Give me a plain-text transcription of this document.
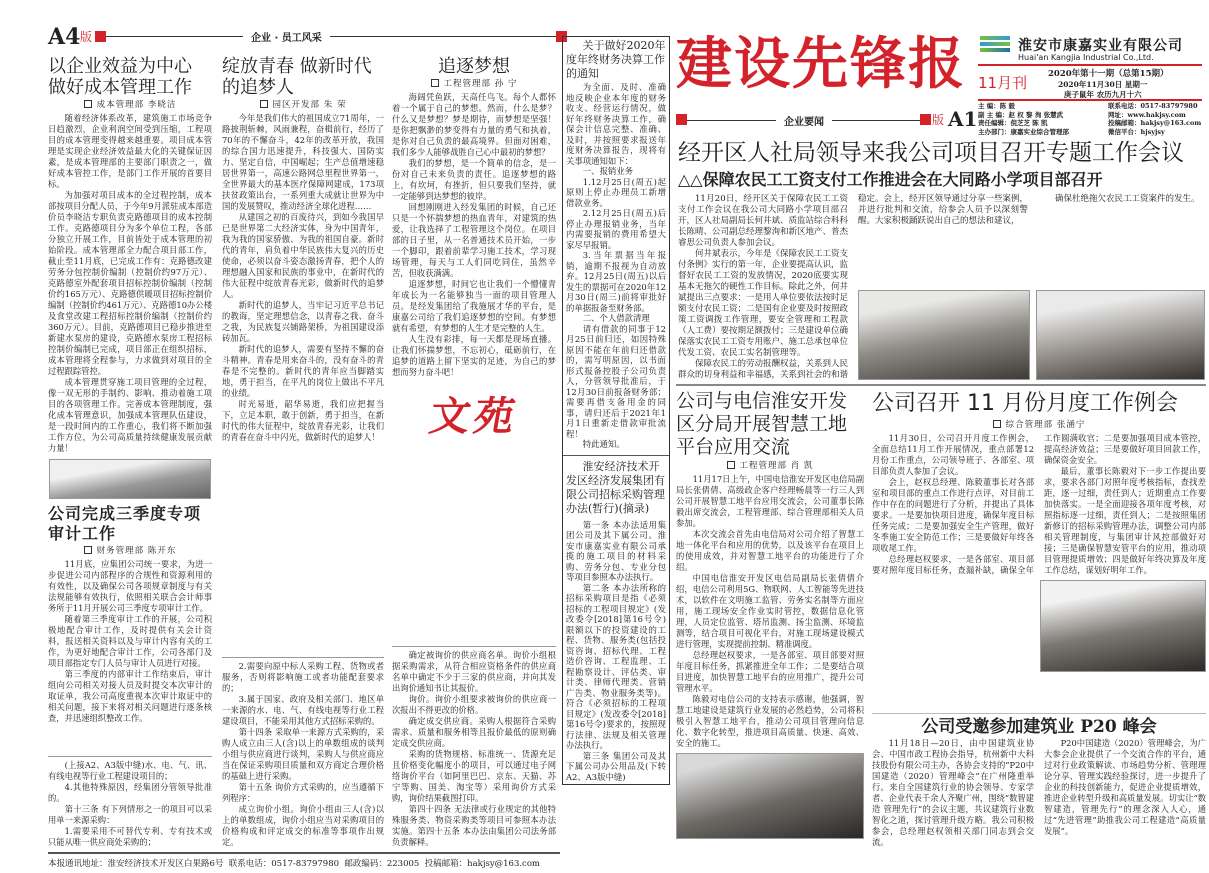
A4 版	企业 · 员工风采
以企业效益为中心 做好成本管理工作
成本管理部 李晓洁

随着经济体系改革，建筑施工市场竞争日趋激烈，企业利润空间受到压缩，工程项目的成本管理变得越来越重要。项目成本管理是实现企业经济效益最大化的关键保证因素，是成本管理部的主要部门职责之一，做好成本管控工作，是部门工作开展的首要目标。

为加强对项目成本的全过程控制，成本部按项目分配人员，于今年9月派驻成本部造价员李晓洁专职负责克路德项目的成本控制工作。克路德项目分为多个单位工程，各部分独立开展工作，目前皆处于成本管理的初始阶段。成本管理部全力配合项目部工作，截止至11月底，已完成工作有：克路德改建劳务分包控制价编制（控制价约97万元）、克路德室外配套项目招标控制价编制（控制价约165万元）、克路德供暖项目招标控制价编制（控制价约461万元）、克路德10办公楼及食堂改建工程招标控制价编制（控制价约360万元）。目前，克路德项目已稳步推进至新建水泵房的建设，克路德水泵房工程招标控制价编制已完成，项目部正在组织招标，成本管理将全程参与，力求做到对项目的全过程跟踪管控。

成本管理贯穿施工项目管理的全过程，像一双无形的手制约、影响、推动着施工项目的各项管理工作。完善成本管理制度，强化成本管理意识，加强成本管理队伍建设，是一段时间内的工作重心，我们将不断加强工作方位，为公司高质量持续健康发展贡献力量！

公司完成三季度专项审计工作
财务管理部 陈开东

11月底，应集团公司统一要求，为进一步促进公司内部程序的合规性和资源利用的有效性，以及确保公司各项规章制度与有关法规能够有效执行，依照相关联合会计师事务所于11月开展公司三季度专项审计工作。

随着第三季度审计工作的开展，公司积极地配合审计工作，及时提供有关会计资料，报送相关资料以及与审计内容有关的工作，为更好地配合审计工作，公司各部门及项目部指定专门人员与审计人员进行对接。

第三季度的内部审计工作结束后，审计组向公司相关对接人员及时提交本次审计的取证单，我公司高度重视本次审计取证中的相关问题，接下来将对相关问题进行逐条核查，并迅速组织整改工作。

(上接A2、A3版中缝)水、电、气、讯、有线电视等行业工程建设项目的；

4.其他特殊原因，经集团分管领导批准的。

第十三条 有下列情形之一的项目可以采用单一来源采购：

1.需要采用不可替代专利、专有技术或只能从唯一供应商处采购的；

绽放青春 做新时代的追梦人
园区开发部 朱 荣

今年是我们伟大的祖国成立71周年，一路披荆斩棘，风雨兼程，奋楫前行，经历了70年的不懈奋斗，42年的改革开放，我国的综合国力迅速提升，科技强大、国防实力、坚定自信，中国崛起；生产总值增速稳居世界第一，高速公路网总里程世界第一，全世界最大的基本医疗保障网建成，173项扶贫政策出台，一系列重大成就让世界为中国的发展赞叹，推动经济全球化进程……

从建国之初的百废待兴，到如今我国早已是世界第二大经济实体，身为中国青年，我为我的国家骄傲、为我的祖国自豪。新时代的青年，肩负着中华民族伟大复兴的历史使命，必须以奋斗姿态激扬青春，把个人的理想融入国家和民族的事业中，在新时代的伟大征程中绽放青春光彩，做新时代的追梦人。

新时代的追梦人，当牢记习近平总书记的教诲，坚定理想信念，以青春之我、奋斗之我，为民族复兴铺路架桥，为祖国建设添砖加瓦。

新时代的追梦人，需要有坚持不懈的奋斗精神。青春是用来奋斗的，没有奋斗的青春是不完整的。新时代的青年应当脚踏实地，勇于担当，在平凡的岗位上做出不平凡的业绩。

时光易逝，韶华易逝，我们应把握当下，立足本职，敢于创新，勇于担当，在新时代的伟大征程中，绽放青春光彩，让我们的青春在奋斗中闪光，做新时代的追梦人！

2.需要向原中标人采购工程、货物或者服务，否则将影响施工或者功能配套要求的；

3.属于国家、政府及相关部门、地区单一来源的水、电、气、有线电视等行业工程建设项目，不能采用其他方式招标采购的。

第十四条 采取单一来源方式采购的，采购人成立由三人(含)以上的单数组成的谈判小组与供应商进行谈判，采购人与供应商应当在保证采购项目质量和双方商定合理价格的基础上进行采购。

第十五条 询价方式采购的，应当遵循下列程序：

成立询价小组。询价小组由三人(含)以上的单数组成，询价小组应当对采购项目的价格构成和评定成交的标准等事项作出规定。

追逐梦想
工程管理部 孙 宁

海阔凭鱼跃，天高任鸟飞。每个人都怀着一个属于自己的梦想。然而，什么是梦？什么又是梦想？梦是期待，而梦想是坚强！是你把飘渺的梦变得有力量的勇气和执着，是你对自己负责的最高境界。但面对困难，我们多少人能够战胜自己心中最初的梦想？

我们的梦想，是一个简单的信念，是一份对自己未来负责的责任。追逐梦想的路上，有坎坷，有挫折，但只要我们坚持，就一定能够到达梦想的彼岸。

回想刚刚进入经发集团的时候，自己还只是一个怀揣梦想的热血青年，对建筑的热爱，让我选择了工程管理这个岗位。在项目部的日子里，从一名普通技术员开始，一步一个脚印，跟着前辈学习施工技术，学习现场管理，每天与工人们同吃同住，虽然辛苦，但收获满满。

追逐梦想，时间它也让我们一个懵懂青年成长为一名能够独当一面的项目管理人员。是经发集团给了我施展才华的平台，是康嘉公司给了我们追逐梦想的空间。有梦想就有希望，有梦想的人生才是完整的人生。

人生没有彩排，每一天都是现场直播。让我们怀揣梦想，不忘初心，砥砺前行，在追梦的道路上留下坚实的足迹，为自己的梦想而努力奋斗吧！

文苑

确定被询价的供应商名单。询价小组根据采购需求，从符合相应资格条件的供应商名单中确定不少于三家的供应商，并向其发出询价通知书让其报价。

询价。询价小组要求被询价的供应商一次报出不得更改的价格。

确定成交供应商。采购人根据符合采购需求、质量和服务相等且报价最低的原则确定成交供应商。

采购的货物规格、标准统一、货源充足且价格变化幅度小的项目，可以通过电子网络询价平台（如阿里巴巴、京东、天猫、苏宁等购、国美、淘宝等）采用询价方式采购，询价结果截图打印。

第四十四条 无法律或行业规定的其他特殊服务类、物资采购类等项目可参照本办法实施。第四十五条 本办法由集团公司法务部负责解释。

本报通讯地址：淮安经济技术开发区白果路6号 联系电话：0517-83797980 邮政编码：223005 投稿邮箱：hakjsy@163.com
关于做好2020年度年终财务决算工作的通知

为全面、及时、准确地反映企业本年度的财务收支、经营运行情况，做好年终财务决算工作，确保会计信息完整、准确、及时，并按照要求报送年度财务决算报告，现将有关事项通知如下：

一、报销业务

1.12月25日(周五)起原则上停止办理员工新增借款业务。

2.12月25日(周五)后停止办理报销业务，当年内需要报销的费用希望大家尽早报销。

3.当年票据当年报销，逾期不报视为自动放弃。12月25日(周五)以后发生的票据可在2020年12月30日(周三)前将审批好的单据报备至财务部。

二、个人借款清理

请有借款的同事于12月25日前归还，如因特殊原因不能在年前归还借款的，需写明原因，以书面形式报备控股子公司负责人，分管领导批准后，于12月30日前报备财务部；需要再借支备用金的同事，请归还后于2021年1月1日重新走借款审批流程！

特此通知。

淮安经济技术开发区经济发展集团有限公司招标采购管理办法(暂行)(摘录)

第一条 本办法适用集团公司及其下属公司。淮安市康嘉实业有限公司承揽的施工项目的材料采购、劳务分包、专业分包等项目参照本办法执行。

第二条 本办法所称的招标采购项目是指《必须招标的工程项目规定》(发改委令[2018]第16号令)限额以下的投资建设的工程、货物、服务类(包括投资咨询、招标代理、工程造价咨询、工程监理、工程勘察设计、评估类、审计类、律师代理类、营销广告类、物业服务类等)。符合《必须招标的工程项目规定》(发改委令[2018]第16号令)要求的，按照现行法律、法规及相关管理办法执行。

第三条 集团公司及其下属公司办公用品及(下转A2、A3版中缝)

建设先锋报	淮安市康嘉实业有限公司
Huai'an Kangjia Industrial Co.,Ltd.
11月刊 2020年第十一期（总第15期）
2020年11月30日 星期一
庚子鼠年 农历九月十六
主 编：陈 毅
副 主 编：赵 权 黎 洵 张慧武
责任编辑：倪芝芝 陈 凯
主办部门：康嘉实业综合管理部
联系电话：0517-83797980
网址：www.hakjsy.com
投稿邮箱：hakjsy@163.com
微信平台：hjsyjsy
企业要闻	版 A1
经开区人社局领导来我公司项目召开专题工作会议
△△保障农民工工资支付工作推进会在大同路小学项目部召开

11月20日，经开区关于保障农民工工资支付工作会议在我公司大同路小学项目部召开，区人社局副局长何井斌、质监站综合科科长陈晴、公司副总经理黎洵和新区地产、普杰睿思公司负责人参加会议。

何井斌表示，今年是《保障农民工工资支付条例》实行的第一年，企业要提高认识，监督好农民工工资的发放情况，2020底要实现基本无拖欠的硬性工作目标。除此之外，何井斌提出三点要求：一是用人单位要依法按时足额支付农民工资；二是国有企业要及时按照政策工资调拨工作管理，要安全管理和工程款（人工费）要按期足额拨付；三是建设单位确保落实农民工工资专用账户、施工总承包单位代发工资、农民工实名制管理等。

保障农民工的劳动报酬权益，关系到人民群众的切身利益和幸福感，关系到社会的和谐稳定。会上，经开区领导通过分享一些案例，并进行批判和交流，给参会人员予以深刻警醒。大家积极踊跃说出自己的想法和建议，

确保杜绝拖欠农民工工资案件的发生。

公司与电信淮安开发区分局开展智慧工地平台应用交流
工程管理部 肖 凯

11月17日上午，中国电信淮安开发区电信局副局长张倩倩、高级政企客户经理畅晨等一行三人到公司开展智慧工地平台应用交流会，公司董事长陈毅出席交流会，工程管理部、综合管理部相关人员参加。

本次交流会首先由电信局对公司介绍了智慧工地一体化平台和应用的优势，以及该平台在项目上的使用成效，并对智慧工地平台的功能进行了介绍。

中国电信淮安开发区电信局副局长张倩倩介绍，电信公司利用5G、物联网、人工智能等先进技术，以软件在文明施工监管、劳务实名制等方面应用，施工现场安全作业实时管控，数据信息化管理，人员定位监管、塔吊监测、扬尘监测、环境监测等，结合项目可视化平台，对施工现场建设模式进行管理，实现提前控制、精准调度。

总经理赵权要求，一是各部室、项目部要对照年度目标任务，抓紧推进全年工作；二是要结合项目进度，加快智慧工地平台的应用推广，提升公司管理水平。

陈毅对电信公司的支持表示感谢，他强调，智慧工地建设是建筑行业发展的必然趋势，公司将积极引入智慧工地平台，推动公司项目管理向信息化、数字化转型，推进项目高质量、快速、高效、安全的施工。

公司召开 11 月份月度工作例会
综合管理部 张涵宁

11月30日，公司召开月度工作例会，全面总结11月工作开展情况，重点部署12月份工作重点，公司领导班子、各部室、项目部负责人参加了会议。

会上，赵权总经理、陈毅董事长对各部室和项目部的重点工作进行点评，对目前工作中存在的问题进行了分析，并提出了具体要求。一是要加快项目进度，确保年度目标任务完成；二是要加强安全生产管理，做好冬季施工安全防范工作；三是要做好年终各项收尾工作。

总经理赵权要求，一是各部室、项目部要对照年度目标任务，查漏补缺，确保全年工作圆满收官；二是要加强项目成本管控，提高经济效益；三是要做好项目回款工作，确保资金安全。

最后，董事长陈毅对下一步工作提出要求，要求各部门对照年度考核指标，查找差距，逐一过细，责任到人；近期重点工作要加快落实。一是全面迎接各项年度考核，对照指标逐一过细，责任到人；二是按照集团新修订的招标采购管理办法，调整公司内部相关管理制度，与集团审计风控部做好对接；三是确保智慧安管平台的应用，推动项目管理提质增效；四是做好年终决算及年度工作总结，谋划好明年工作。

公司受邀参加建筑业 P20 峰会

11月18日—20日，由中国建筑业协会、中国市政工程协会指导，杭州新中大科技股份有限公司主办，各协会支持的“P20中国建造（2020）管理峰会”在广州隆重举行。来自全国建筑行业的协会领导、专家学者、企业代表千余人齐聚广州，围绕“数智建造 管理先行”的会议主题，共议建筑行业数智化之道，探讨管理升级方略。我公司积极参会，总经理赵权领相关部门同志到会交流。

P20中国建造（2020）管理峰会，为广大参会企业提供了一个交流合作的平台，通过对行业政策解读、市场趋势分析、管理理论分享、管理实践经验探讨，进一步提升了企业的科技创新能力，促进企业提质增效，推进企业转型升级和高质量发展。切实让“数智建造，管理先行”的理念深入人心，通过“先进管理”助推我公司工程建造“高质量发展”。
